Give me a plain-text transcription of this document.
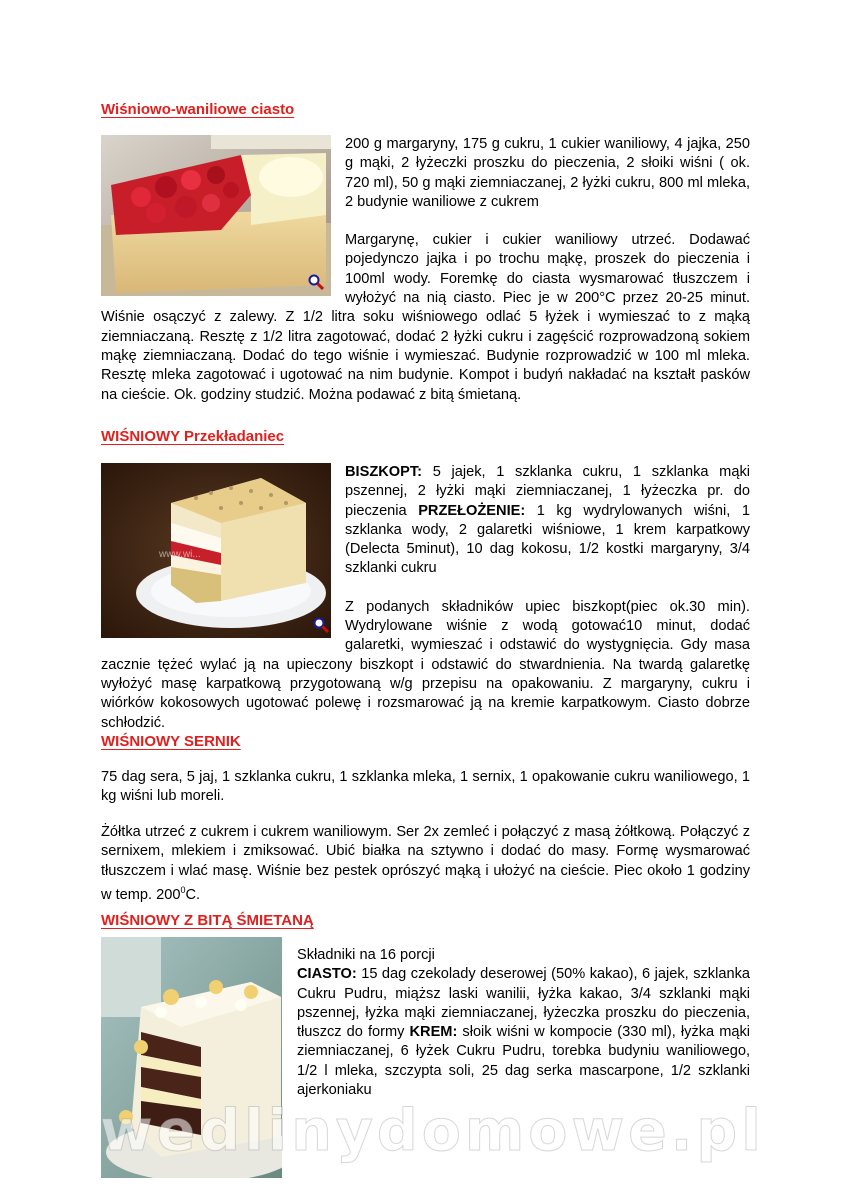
Wiśniowo-waniliowe ciasto

200 g margaryny, 175 g cukru, 1 cukier waniliowy, 4 jajka, 250 g mąki, 2 łyżeczki proszku do pieczenia, 2 słoiki wiśni ( ok. 720 ml), 50 g mąki ziemniaczanej, 2 łyżki cukru, 800 ml mleka, 2 budynie waniliowe z cukrem

Margarynę, cukier i cukier waniliowy utrzeć. Dodawać pojedynczo jajka i po trochu mąkę, proszek do pieczenia i 100ml wody. Foremkę do ciasta wysmarować tłuszczem i wyłożyć na nią ciasto. Piec je w 200°C przez 20-25 minut. Wiśnie osączyć z zalewy. Z 1/2 litra soku wiśniowego odlać 5 łyżek i wymieszać to z mąką ziemniaczaną. Resztę z 1/2 litra zagotować, dodać 2 łyżki cukru i zagęścić rozprowadzoną sokiem mąkę ziemniaczaną. Dodać do tego wiśnie i wymieszać. Budynie rozprowadzić w 100 ml mleka. Resztę mleka zagotować i ugotować na nim budynie. Kompot i budyń nakładać na kształt pasków na cieście. Ok. godziny studzić. Można podawać z bitą śmietaną.

WIŚNIOWY Przekładaniec
www.wi...

BISZKOPT: 5 jajek, 1 szklanka cukru, 1 szklanka mąki pszennej, 2 łyżki mąki ziemniaczanej, 1 łyżeczka pr. do pieczenia PRZEŁOŻENIE: 1 kg wydrylowanych wiśni, 1 szklanka wody, 2 galaretki wiśniowe, 1 krem karpatkowy (Delecta 5minut), 10 dag kokosu, 1/2 kostki margaryny, 3/4 szklanki cukru

Z podanych składników upiec biszkopt(piec ok.30 min). Wydrylowane wiśnie z wodą gotować10 minut, dodać galaretki, wymieszać i odstawić do wystygnięcia. Gdy masa zacznie tężeć wylać ją na upieczony biszkopt i odstawić do stwardnienia. Na twardą galaretkę wyłożyć masę karpatkową przygotowaną w/g przepisu na opakowaniu. Z margaryny, cukru i wiórków kokosowych ugotować polewę i rozsmarować ją na kremie karpatkowym. Ciasto dobrze schłodzić.

WIŚNIOWY SERNIK

75 dag sera, 5 jaj, 1 szklanka cukru, 1 szklanka mleka, 1 sernix, 1 opakowanie cukru waniliowego, 1 kg wiśni lub moreli.

Żółtka utrzeć z cukrem i cukrem waniliowym. Ser 2x zemleć i połączyć z masą żółtkową. Połączyć z sernixem, mlekiem i zmiksować. Ubić białka na sztywno i dodać do masy. Formę wysmarować tłuszczem i wlać masę. Wiśnie bez pestek oprószyć mąką i ułożyć na cieście. Piec około 1 godziny w temp. $200^0C$.

WIŚNIOWY Z BITĄ ŚMIETANĄ

Składniki na 16 porcji

CIASTO: 15 dag czekolady deserowej (50% kakao), 6 jajek, szklanka Cukru Pudru, miąższ laski wanilii, łyżka kakao, 3/4 szklanki mąki pszennej, łyżka mąki ziemniaczanej, łyżeczka proszku do pieczenia, tłuszcz do formy KREM: słoik wiśni w kompocie (330 ml), łyżka mąki ziemniaczanej, 6 łyżek Cukru Pudru, torebka budyniu waniliowego, 1/2 l mleka, szczypta soli, 25 dag serka mascarpone, 1/2 szklanki ajerkoniaku

wedlinydomowe.pl
